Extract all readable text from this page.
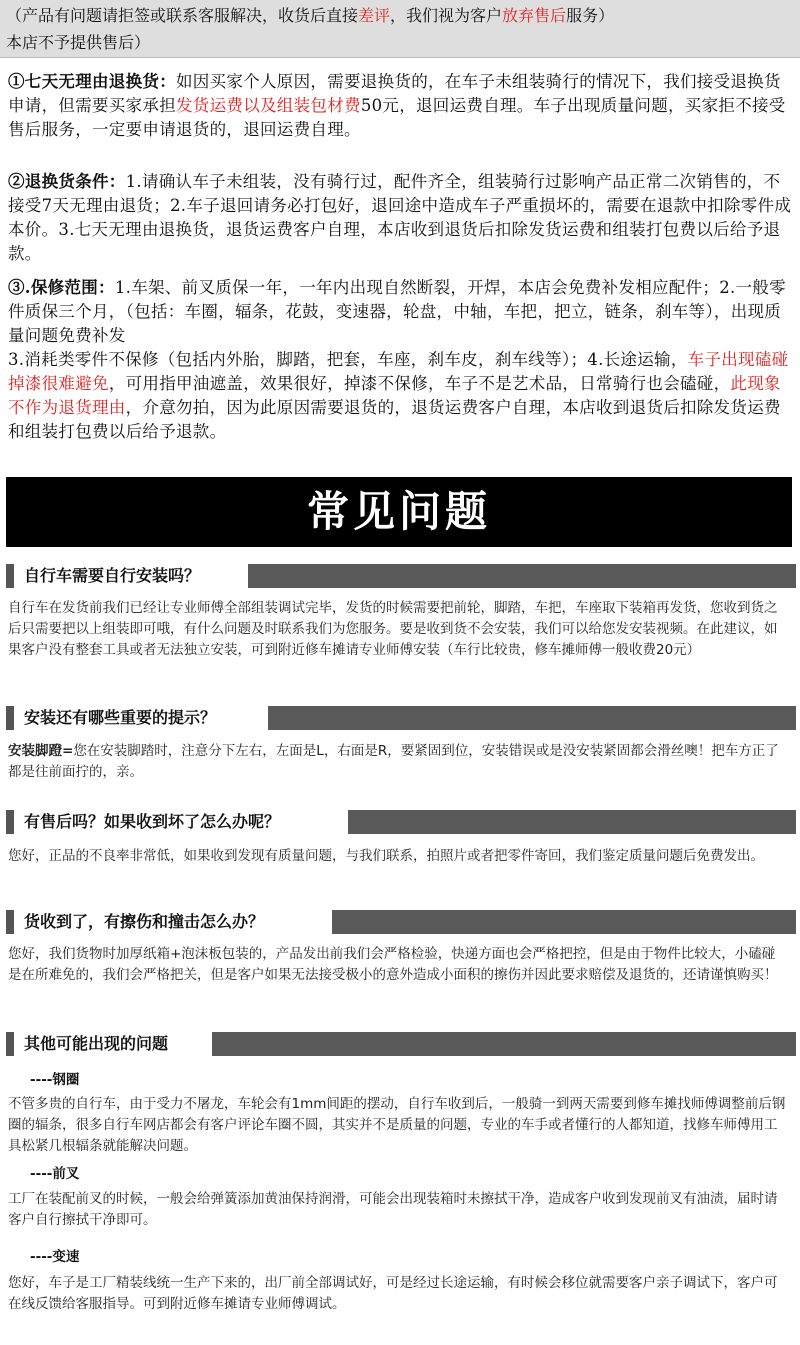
（产品有问题请拒签或联系客服解决，收货后直接差评，我们视为客户放弃售后服务）
本店不予提供售后）
①七天无理由退换货：如因买家个人原因，需要退换货的，在车子未组装骑行的情况下，我们接受退换货申请，但需要买家承担发货运费以及组装包材费50元，退回运费自理。车子出现质量问题，买家拒不接受售后服务，一定要申请退货的，退回运费自理。
②退换货条件：1.请确认车子未组装，没有骑行过，配件齐全，组装骑行过影响产品正常二次销售的，不接受7天无理由退货；2.车子退回请务必打包好，退回途中造成车子严重损坏的，需要在退款中扣除零件成本价。3.七天无理由退换货，退货运费客户自理，本店收到退货后扣除发货运费和组装打包费以后给予退款。
③.保修范围：1.车架、前叉质保一年，一年内出现自然断裂，开焊，本店会免费补发相应配件；2.一般零件质保三个月，（包括：车圈，辐条，花鼓，变速器，轮盘，中轴，车把，把立，链条，刹车等），出现质量问题免费补发
3.消耗类零件不保修（包括内外胎，脚踏，把套，车座，刹车皮，刹车线等）；4.长途运输，车子出现磕碰掉漆很难避免，可用指甲油遮盖，效果很好，掉漆不保修，车子不是艺术品，日常骑行也会磕碰，此现象不作为退货理由，介意勿拍，因为此原因需要退货的，退货运费客户自理，本店收到退货后扣除发货运费和组装打包费以后给予退款。
常见问题
自行车需要自行安装吗？
自行车在发货前我们已经让专业师傅全部组装调试完毕，发货的时候需要把前轮，脚踏，车把，车座取下装箱再发货，您收到货之后只需要把以上组装即可哦，有什么问题及时联系我们为您服务。要是收到货不会安装，我们可以给您发安装视频。在此建议，如果客户没有整套工具或者无法独立安装，可到附近修车摊请专业师傅安装（车行比较贵，修车摊师傅一般收费20元）
安装还有哪些重要的提示？
安装脚蹬=您在安装脚踏时，注意分下左右，左面是L，右面是R，要紧固到位，安装错误或是没安装紧固都会滑丝噢！把车方正了都是往前面拧的，亲。
有售后吗？如果收到坏了怎么办呢？
您好，正品的不良率非常低，如果收到发现有质量问题，与我们联系，拍照片或者把零件寄回，我们鉴定质量问题后免费发出。
货收到了，有擦伤和撞击怎么办？
您好，我们货物时加厚纸箱+泡沫板包装的，产品发出前我们会严格检验，快递方面也会严格把控，但是由于物件比较大，小磕碰是在所难免的，我们会严格把关，但是客户如果无法接受极小的意外造成小面积的擦伤并因此要求赔偿及退货的，还请谨慎购买！
其他可能出现的问题
----钢圈
不管多贵的自行车，由于受力不屠龙，车轮会有1mm间距的摆动，自行车收到后，一般骑一到两天需要到修车摊找师傅调整前后钢圈的辐条，很多自行车网店都会有客户评论车圈不圆，其实并不是质量的问题，专业的车手或者懂行的人都知道，找修车师傅用工具松紧几根辐条就能解决问题。
----前叉
工厂在装配前叉的时候，一般会给弹簧添加黄油保持润滑，可能会出现装箱时未擦拭干净，造成客户收到发现前叉有油渍，届时请客户自行擦拭干净即可。
----变速
您好，车子是工厂精装线统一生产下来的，出厂前全部调试好，可是经过长途运输，有时候会移位就需要客户亲子调试下，客户可在线反馈给客服指导。可到附近修车摊请专业师傅调试。
